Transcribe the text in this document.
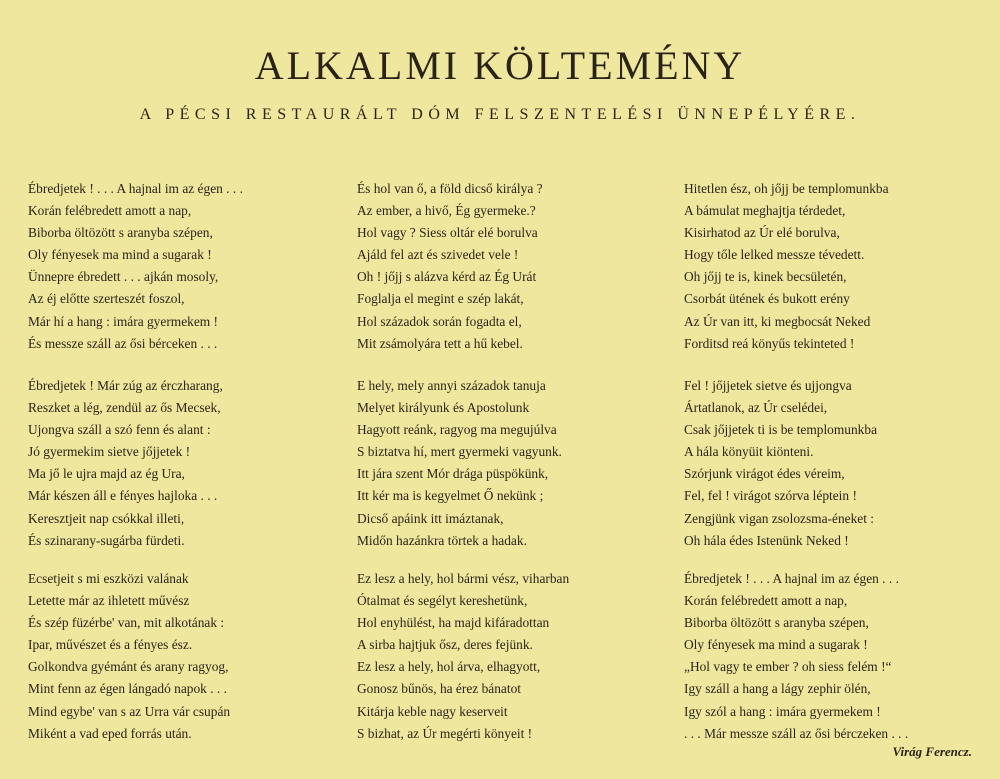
ALKALMI KÖLTEMÉNY

A PÉCSI RESTAURÁLT DÓM FELSZENTELÉSI ÜNNEPÉLYÉRE.

Ébredjetek ! . . . A hajnal im az égen . . .
Korán felébredett amott a nap,
Biborba öltözött s aranyba szépen,
Oly fényesek ma mind a sugarak !
Ünnepre ébredett . . . ajkán mosoly,
Az éj előtte szerteszét foszol,
Már hí a hang : imára gyermekem !
És messze száll az ősi bérceken . . .
Ébredjetek ! Már zúg az érczharang,
Reszket a lég, zendül az ős Mecsek,
Ujongva száll a szó fenn és alant :
Jó gyermekim sietve jőjjetek !
Ma jő le ujra majd az ég Ura,
Már készen áll e fényes hajloka . . .
Keresztjeit nap csókkal illeti,
És szinarany-sugárba fürdeti.
Ecsetjeit s mi eszközi valának
Letette már az ihletett művész
És szép füzérbe' van, mit alkotának :
Ipar, művészet és a fényes ész.
Golkondva gyémánt és arany ragyog,
Mint fenn az égen lángadó napok . . .
Mind egybe' van s az Urra vár csupán
Miként a vad eped forrás után.
És hol van ő, a föld dicső királya ?
Az ember, a hivő, Ég gyermeke.?
Hol vagy ? Siess oltár elé borulva
Ajáld fel azt és szivedet vele !
Oh ! jőjj s alázva kérd az Ég Urát
Foglalja el megint e szép lakát,
Hol századok során fogadta el,
Mit zsámolyára tett a hű kebel.
E hely, mely annyi századok tanuja
Melyet királyunk és Apostolunk
Hagyott reánk, ragyog ma megujúlva
S biztatva hí, mert gyermeki vagyunk.
Itt jára szent Mór drága püspökünk,
Itt kér ma is kegyelmet Ő nekünk ;
Dicső apáink itt imáztanak,
Midőn hazánkra törtek a hadak.
Ez lesz a hely, hol bármi vész, viharban
Ótalmat és segélyt kereshetünk,
Hol enyhülést, ha majd kifáradottan
A sirba hajtjuk ősz, deres fejünk.
Ez lesz a hely, hol árva, elhagyott,
Gonosz bűnös, ha érez bánatot
Kitárja keble nagy keserveit
S bizhat, az Úr megérti könyeit !
Hitetlen ész, oh jőjj be templomunkba
A bámulat meghajtja térdedet,
Kisirhatod az Úr elé borulva,
Hogy tőle lelked messze tévedett.
Oh jőjj te is, kinek becsületén,
Csorbát ütének és bukott erény
Az Úr van itt, ki megbocsát Neked
Forditsd reá könyűs tekinteted !
Fel ! jőjjetek sietve és ujjongva
Ártatlanok, az Úr cselédei,
Csak jőjjetek ti is be templomunkba
A hála könyüit kiönteni.
Szórjunk virágot édes véreim,
Fel, fel ! virágot szórva léptein !
Zengjünk vigan zsolozsma-éneket :
Oh hála édes Istenünk Neked !
Ébredjetek ! . . . A hajnal im az égen . . .
Korán felébredett amott a nap,
Biborba öltözött s aranyba szépen,
Oly fényesek ma mind a sugarak !
„Hol vagy te ember ? oh siess felém !“
Igy száll a hang a lágy zephir ölén,
Igy szól a hang : imára gyermekem !
. . . Már messze száll az ősi bérczeken . . .
Virág Ferencz.
